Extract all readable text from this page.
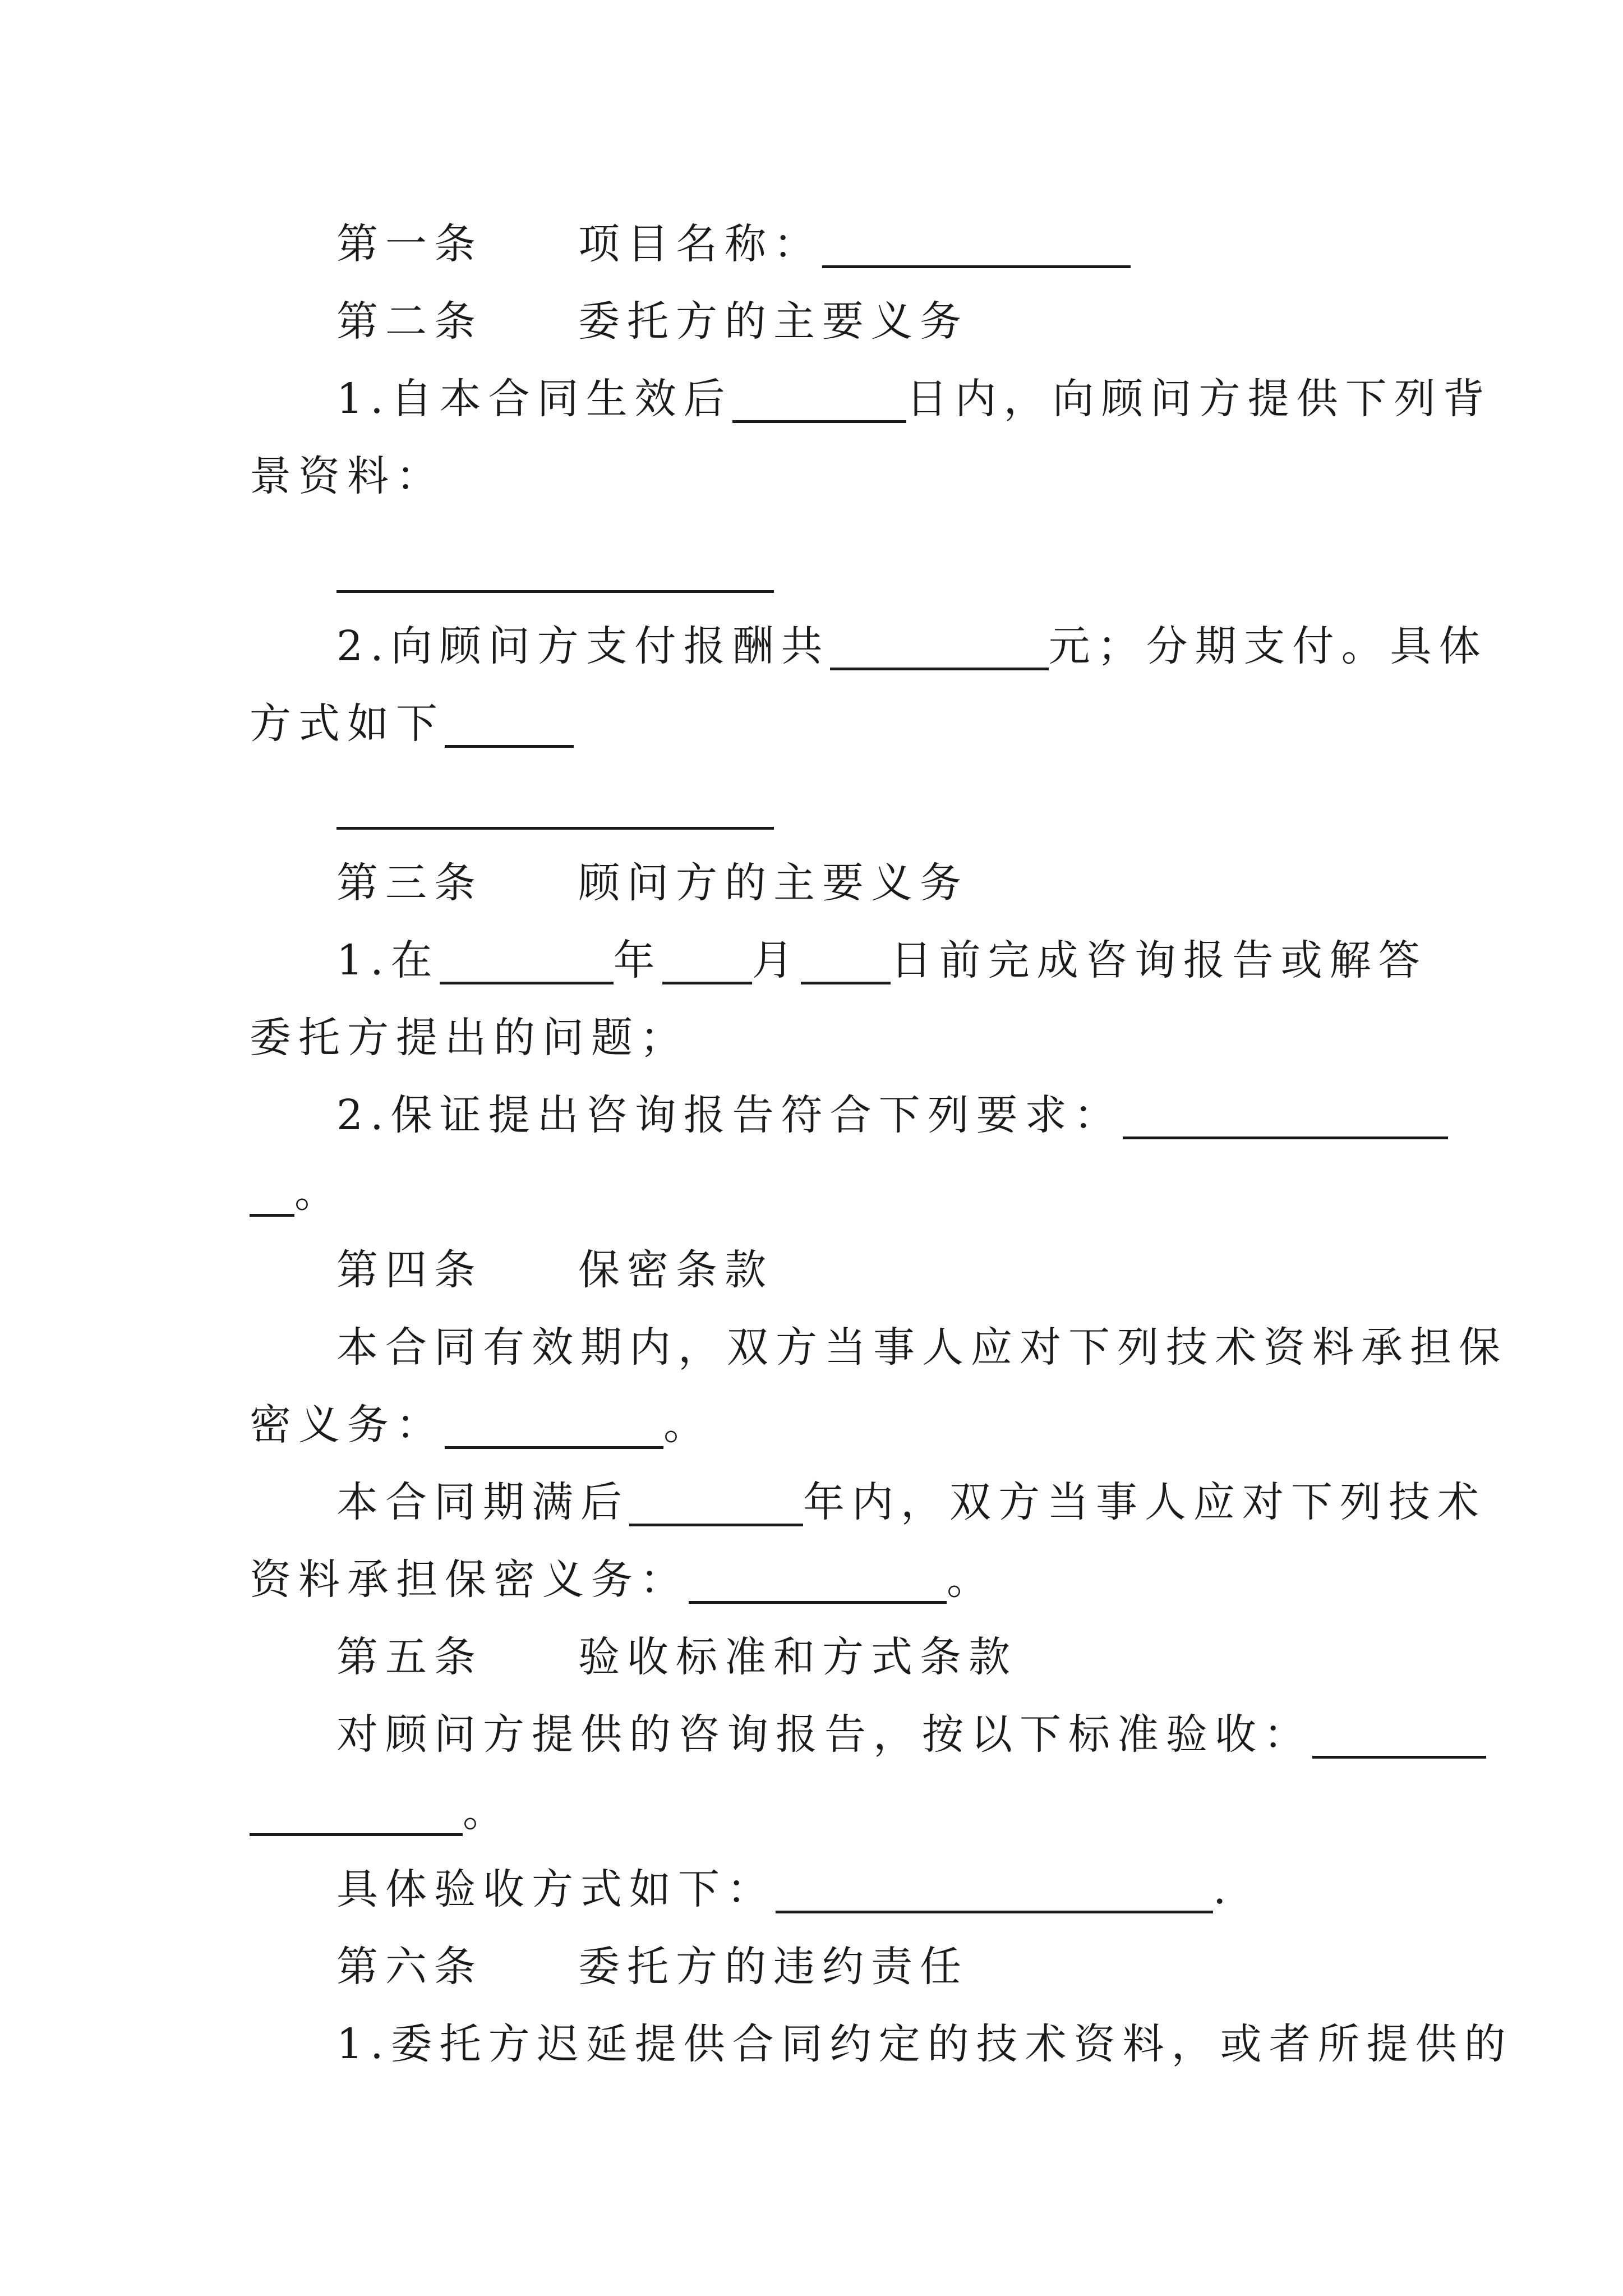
第一条 项目名称：
第二条 委托方的主要义务
1.自本合同生效后	日内，向顾问方提供下列背
景资料：
2.向顾问方支付报酬共	元；分期支付。具体
方式如下
第三条 顾问方的主要义务
1.在	年 月 日前完成咨询报告或解答
委托方提出的问题；
2.保证提出咨询报告符合下列要求：
。
第四条 保密条款
本合同有效期内，双方当事人应对下列技术资料承担保
密义务：	。
本合同期满后	年内，双方当事人应对下列技术
资料承担保密义务：	。
第五条 验收标准和方式条款
对顾问方提供的咨询报告，按以下标准验收：
。
具体验收方式如下：	.
第六条 委托方的违约责任
1.委托方迟延提供合同约定的技术资料，或者所提供的
